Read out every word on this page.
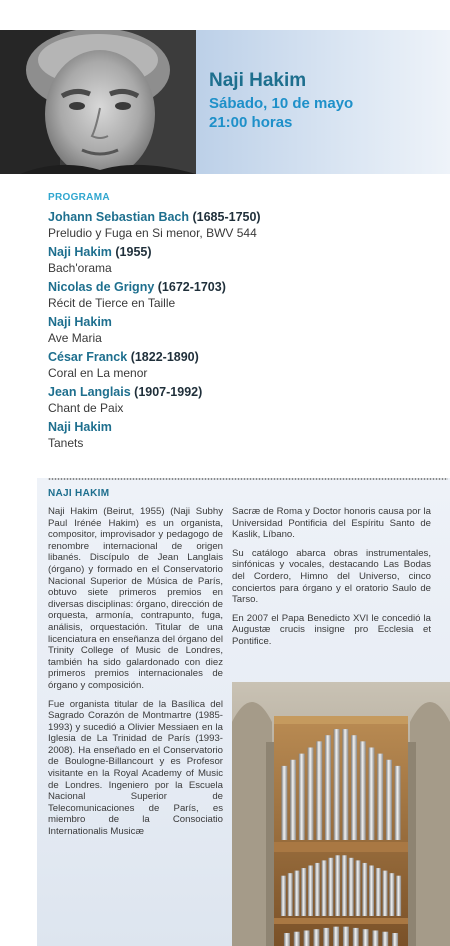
Naji Hakim
Sábado, 10 de mayo
21:00 horas
PROGRAMA
Johann Sebastian Bach (1685-1750)
Preludio y Fuga en Si menor, BWV 544
Naji Hakim (1955)
Bach'orama
Nicolas de Grigny (1672-1703)
Récit de Tierce en Taille
Naji Hakim
Ave Maria
César Franck (1822-1890)
Coral en La menor
Jean Langlais (1907-1992)
Chant de Paix
Naji Hakim
Tanets
NAJI HAKIM

Naji Hakim (Beirut, 1955) (Naji Subhy Paul Irénée Hakim) es un organista, compositor, improvisador y pedagogo de renombre internacional de origen libanés. Discípulo de Jean Langlais (órgano) y formado en el Conservatorio Nacional Superior de Música de París, obtuvo siete primeros premios en diversas disciplinas: órgano, dirección de orquesta, armonía, contrapunto, fuga, análisis, orquestación. Titular de una licenciatura en enseñanza del órgano del Trinity College of Music de Londres, también ha sido galardonado con diez primeros premios internacionales de órgano y composición.

Fue organista titular de la Basílica del Sagrado Corazón de Montmartre (1985-1993) y sucedió a Olivier Messiaen en la Iglesia de La Trinidad de París (1993-2008). Ha enseñado en el Conservatorio de Boulogne-Billancourt y es Profesor visitante en la Royal Academy of Music de Londres. Ingeniero por la Escuela Nacional Superior de Telecomunicaciones de París, es miembro de la Consociatio Internationalis Musicæ

Sacræ de Roma y Doctor honoris causa por la Universidad Pontificia del Espíritu Santo de Kaslik, Líbano.

Su catálogo abarca obras instrumentales, sinfónicas y vocales, destacando Las Bodas del Cordero, Himno del Universo, cinco conciertos para órgano y el oratorio Saulo de Tarso.

En 2007 el Papa Benedicto XVI le concedió la Augustæ crucis insigne pro Ecclesia et Pontifice.
